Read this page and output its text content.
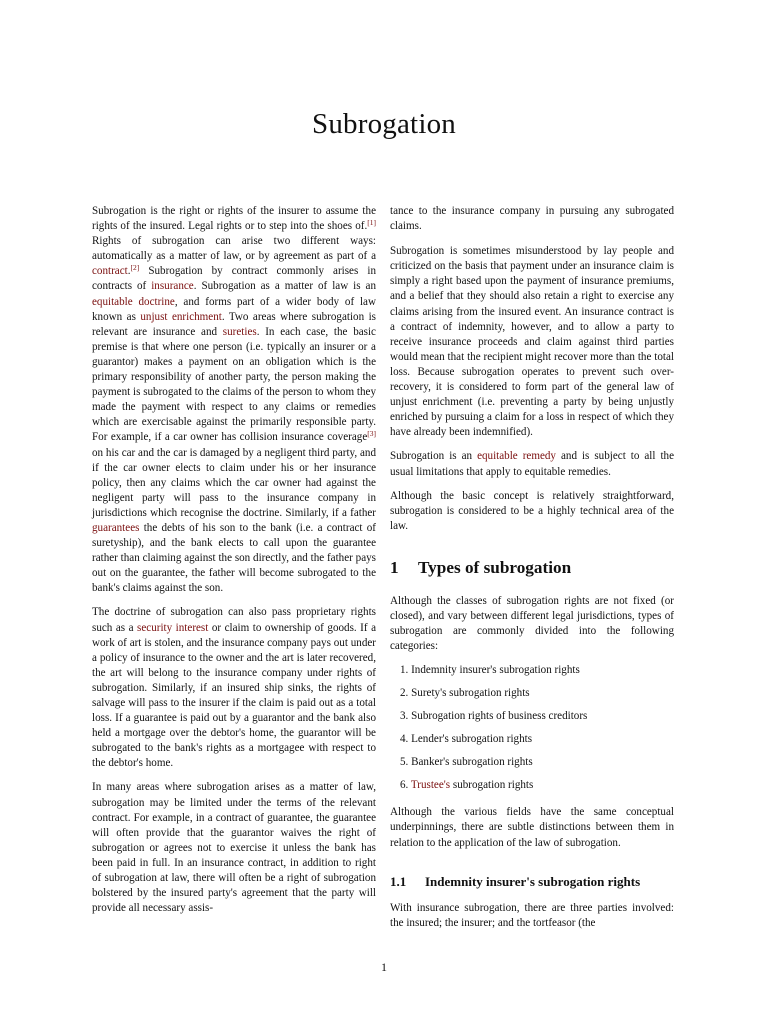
Subrogation

Subrogation is the right or rights of the insurer to assume the rights of the insured. Legal rights or to step into the shoes of.[1] Rights of subrogation can arise two different ways: automatically as a matter of law, or by agreement as part of a contract.[2] Subrogation by contract commonly arises in contracts of insurance. Subrogation as a matter of law is an equitable doctrine, and forms part of a wider body of law known as unjust enrichment. Two areas where subrogation is relevant are insurance and sureties. In each case, the basic premise is that where one person (i.e. typically an insurer or a guarantor) makes a payment on an obligation which is the primary responsibility of another party, the person making the payment is subrogated to the claims of the person to whom they made the payment with respect to any claims or remedies which are exercisable against the primarily responsible party. For example, if a car owner has collision insurance coverage[3] on his car and the car is damaged by a negligent third party, and if the car owner elects to claim under his or her insurance policy, then any claims which the car owner had against the negligent party will pass to the insurance company in jurisdictions which recognise the doctrine. Similarly, if a father guarantees the debts of his son to the bank (i.e. a contract of suretyship), and the bank elects to call upon the guarantee rather than claiming against the son directly, and the father pays out on the guarantee, the father will become subrogated to the bank's claims against the son.

The doctrine of subrogation can also pass proprietary rights such as a security interest or claim to ownership of goods. If a work of art is stolen, and the insurance company pays out under a policy of insurance to the owner and the art is later recovered, the art will belong to the insurance company under rights of subrogation. Similarly, if an insured ship sinks, the rights of salvage will pass to the insurer if the claim is paid out as a total loss. If a guarantee is paid out by a guarantor and the bank also held a mortgage over the debtor's home, the guarantor will be subrogated to the bank's rights as a mortgagee with respect to the debtor's home.

In many areas where subrogation arises as a matter of law, subrogation may be limited under the terms of the relevant contract. For example, in a contract of guarantee, the guarantee will often provide that the guarantor waives the right of subrogation or agrees not to exercise it unless the bank has been paid in full. In an insurance contract, in addition to right of subrogation at law, there will often be a right of subrogation bolstered by the insured party's agreement that the party will provide all necessary assis-

tance to the insurance company in pursuing any subrogated claims.

Subrogation is sometimes misunderstood by lay people and criticized on the basis that payment under an insurance claim is simply a right based upon the payment of insurance premiums, and a belief that they should also retain a right to exercise any claims arising from the insured event. An insurance contract is a contract of indemnity, however, and to allow a party to receive insurance proceeds and claim against third parties would mean that the recipient might recover more than the total loss. Because subrogation operates to prevent such over-recovery, it is considered to form part of the general law of unjust enrichment (i.e. preventing a party by being unjustly enriched by pursuing a claim for a loss in respect of which they have already been indemnified).

Subrogation is an equitable remedy and is subject to all the usual limitations that apply to equitable remedies.

Although the basic concept is relatively straightforward, subrogation is considered to be a highly technical area of the law.

1 Types of subrogation

Although the classes of subrogation rights are not fixed (or closed), and vary between different legal jurisdictions, types of subrogation are commonly divided into the following categories:

1. Indemnity insurer's subrogation rights
2. Surety's subrogation rights
3. Subrogation rights of business creditors
4. Lender's subrogation rights
5. Banker's subrogation rights
6. Trustee's subrogation rights

Although the various fields have the same conceptual underpinnings, there are subtle distinctions between them in relation to the application of the law of subrogation.

1.1 Indemnity insurer's subrogation rights

With insurance subrogation, there are three parties involved: the insured; the insurer; and the tortfeasor (the

1
